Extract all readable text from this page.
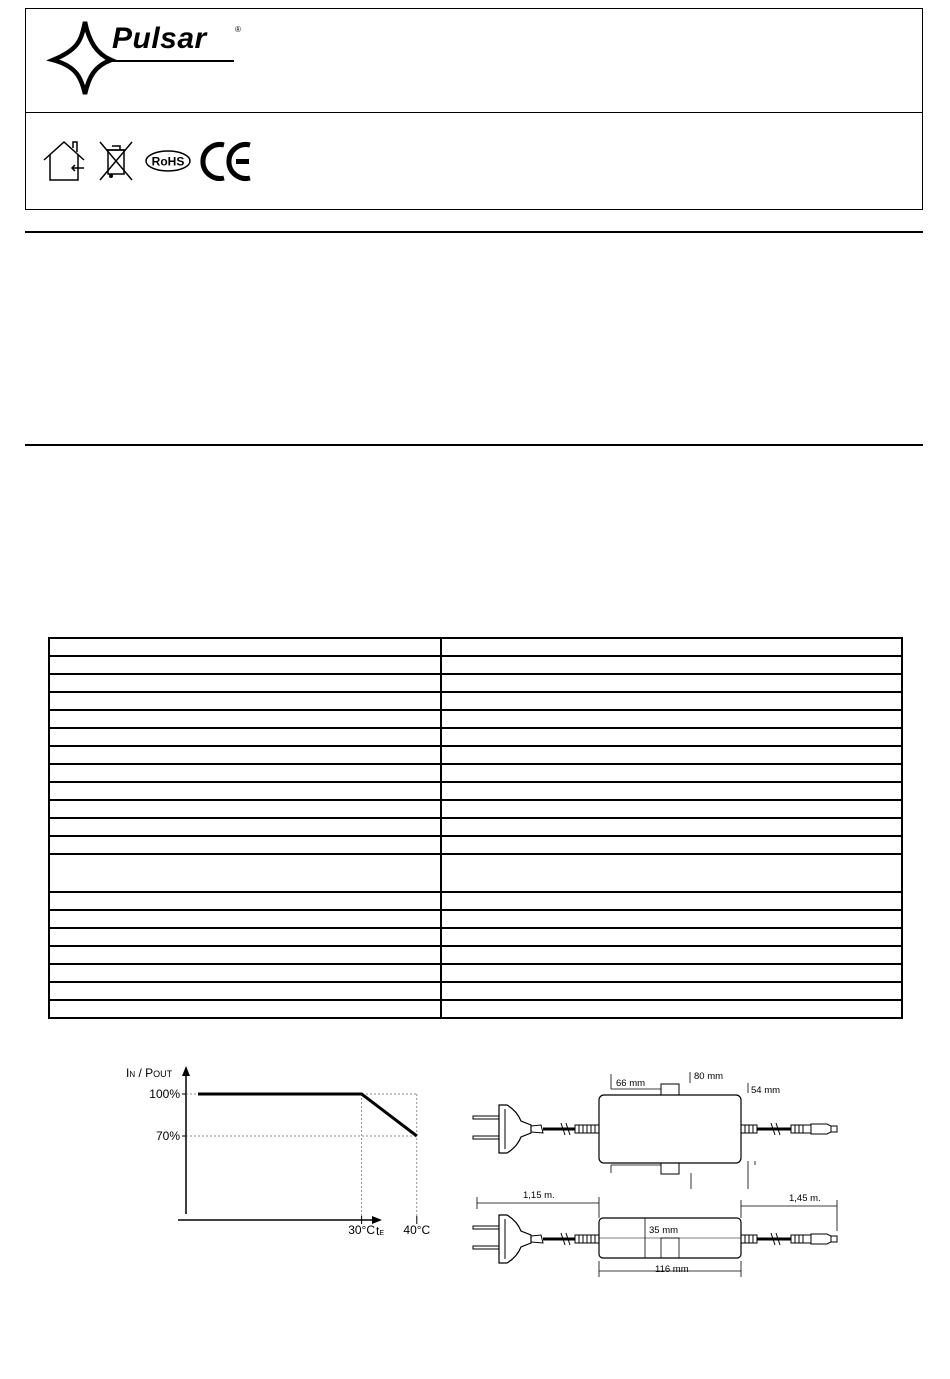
Pulsar	®
RoHS

100%
70%
30°C 40°C
IN / POUT
tE
66 mm
80 mm
54 mm
1,15 m.	1,45 m.
35 mm
116 mm
